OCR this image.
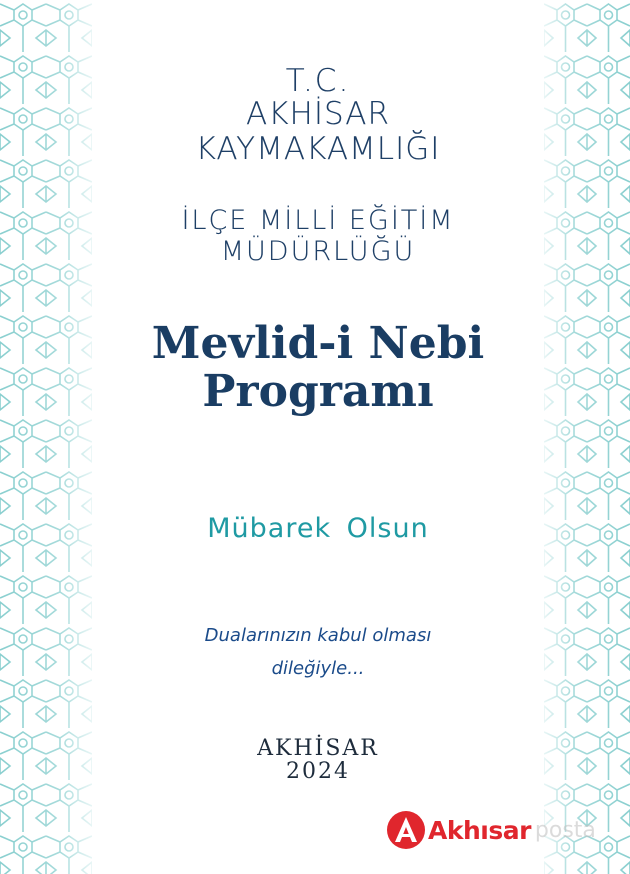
T.C.

AKHİSAR

KAYMAKAMLIĞI

İLÇE MİLLİ EĞİTİM

MÜDÜRLÜĞÜ

Mevlid-i Nebi

Programı

Mübarek Olsun

Dualarınızın kabul olması

dileğiyle...

AKHİSAR

2024

Akhısar posta
